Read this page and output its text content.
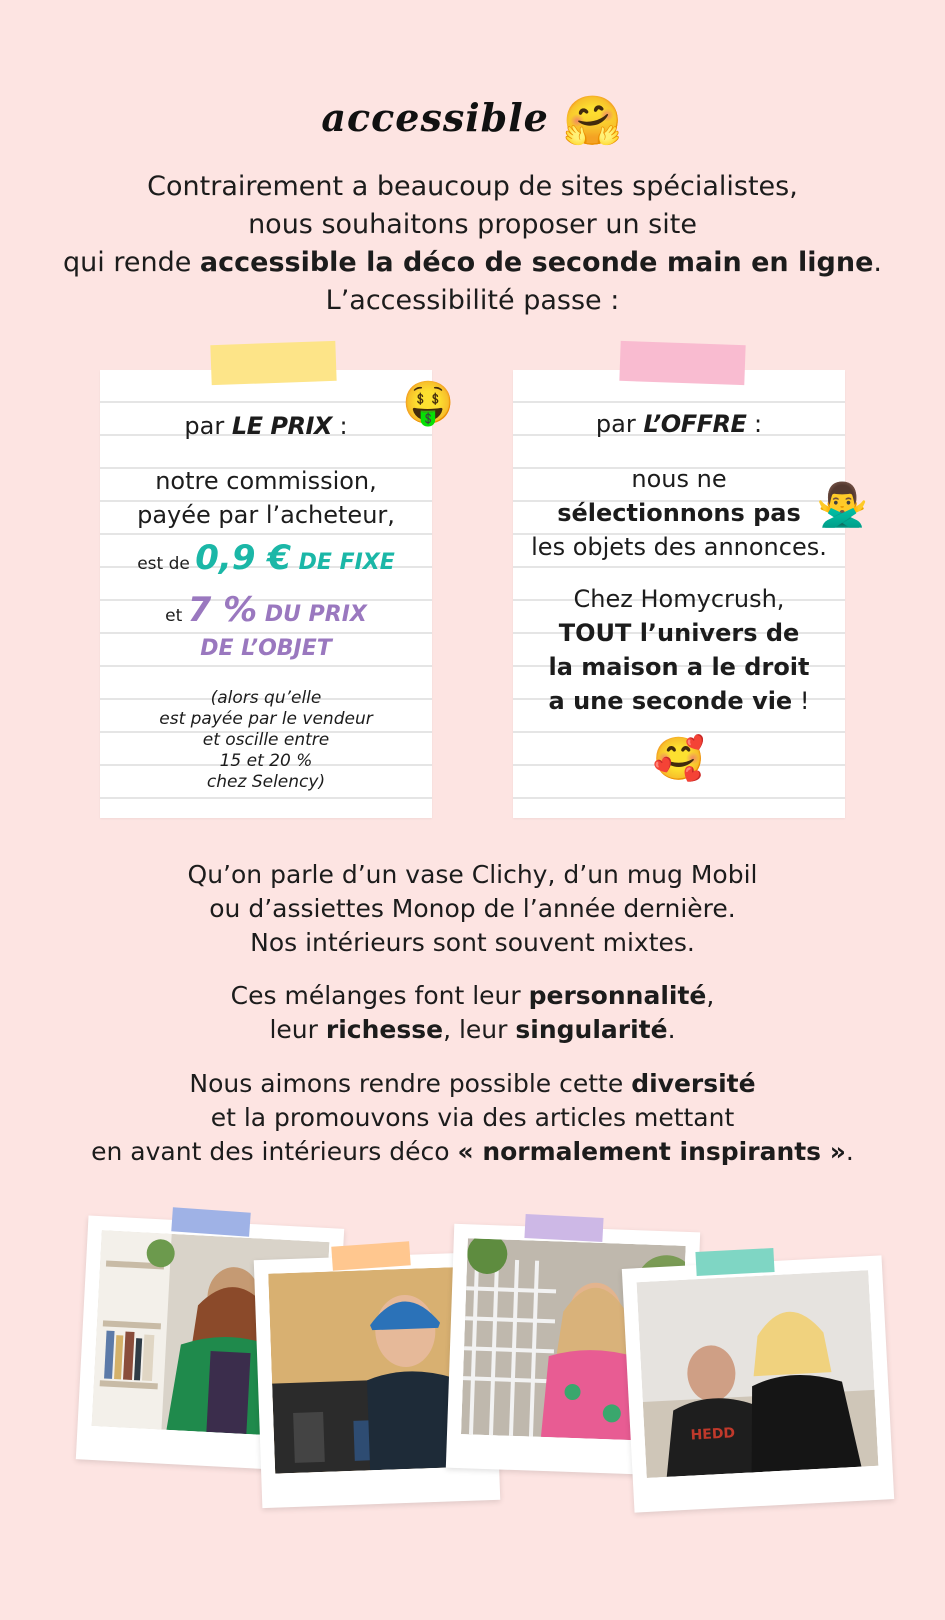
accessible 🤗
Contrairement a beaucoup de sites spécialistes,
nous souhaitons proposer un site
qui rende accessible la déco de seconde main en ligne.
L’accessibilité passe :
par LE PRIX :
notre commission,
payée par l’acheteur,
est de 0,9 € DE FIXE
et 7 % DU PRIX
DE L’OBJET
(alors qu’elle
est payée par le vendeur
et oscille entre
15 et 20 %
chez Selency)
🤑	par L’OFFRE :
nous ne
sélectionnons pas
les objets des annonces.
Chez Homycrush,
TOUT l’univers de
la maison a le droit
a une seconde vie !
🥰
🙅‍♂️
Qu’on parle d’un vase Clichy, d’un mug Mobil
ou d’assiettes Monop de l’année dernière.
Nos intérieurs sont souvent mixtes.
Ces mélanges font leur personnalité,
leur richesse, leur singularité.
Nous aimons rendre possible cette diversité
et la promouvons via des articles mettant
en avant des intérieurs déco « normalement inspirants ».
HEDD
